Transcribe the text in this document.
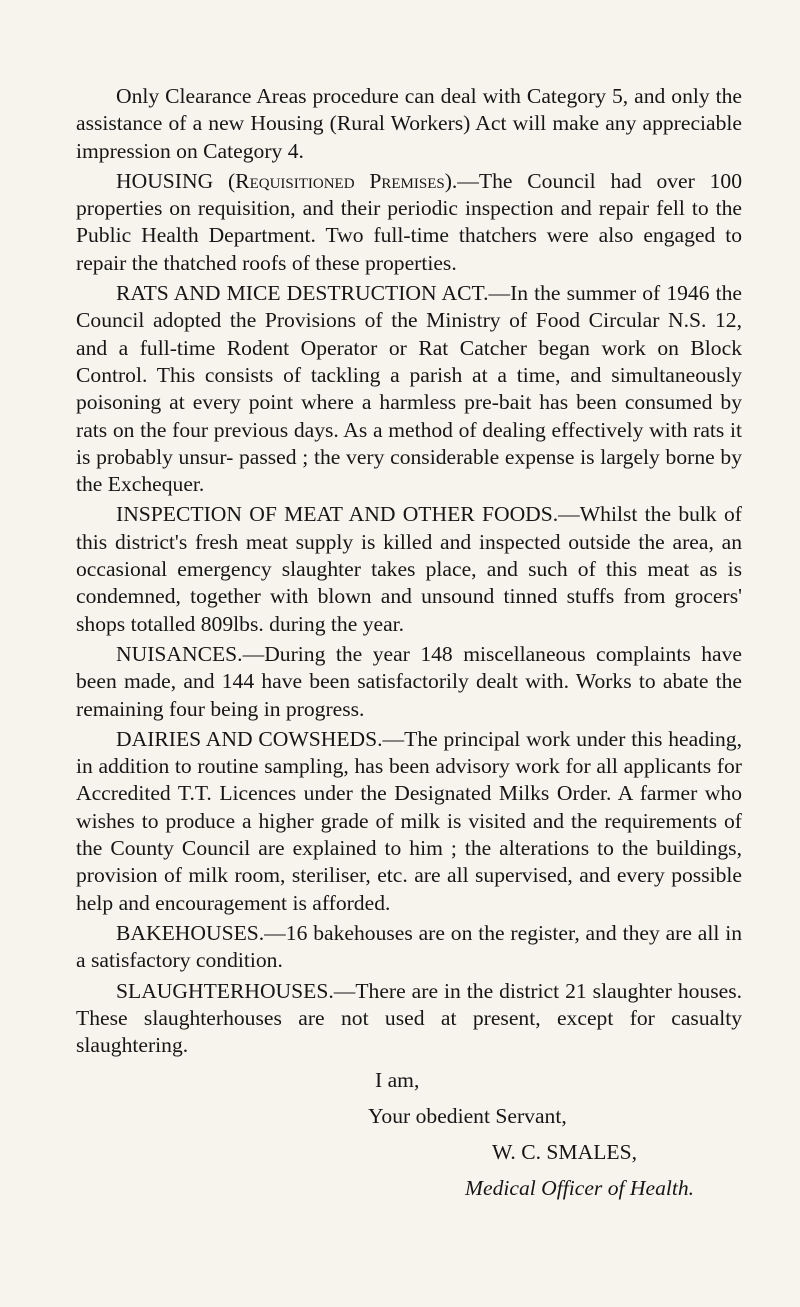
Only Clearance Areas procedure can deal with Category 5, and only the assistance of a new Housing (Rural Workers) Act will make any appreciable impression on Category 4.

HOUSING (Requisitioned Premises).—The Council had over 100 properties on requisition, and their periodic inspection and repair fell to the Public Health Department. Two full-time thatchers were also engaged to repair the thatched roofs of these properties.

RATS AND MICE DESTRUCTION ACT.—In the summer of 1946 the Council adopted the Provisions of the Ministry of Food Circular N.S. 12, and a full-time Rodent Operator or Rat Catcher began work on Block Control. This consists of tackling a parish at a time, and simultaneously poisoning at every point where a harmless pre-bait has been consumed by rats on the four previous days. As a method of dealing effectively with rats it is probably unsur- passed ; the very considerable expense is largely borne by the Exchequer.

INSPECTION OF MEAT AND OTHER FOODS.—Whilst the bulk of this district's fresh meat supply is killed and inspected outside the area, an occasional emergency slaughter takes place, and such of this meat as is condemned, together with blown and unsound tinned stuffs from grocers' shops totalled 809lbs. during the year.

NUISANCES.—During the year 148 miscellaneous complaints have been made, and 144 have been satisfactorily dealt with. Works to abate the remaining four being in progress.

DAIRIES AND COWSHEDS.—The principal work under this heading, in addition to routine sampling, has been advisory work for all applicants for Accredited T.T. Licences under the Designated Milks Order. A farmer who wishes to produce a higher grade of milk is visited and the requirements of the County Council are explained to him ; the alterations to the buildings, provision of milk room, steriliser, etc. are all supervised, and every possible help and encouragement is afforded.

BAKEHOUSES.—16 bakehouses are on the register, and they are all in a satisfactory condition.

SLAUGHTERHOUSES.—There are in the district 21 slaughter houses. These slaughterhouses are not used at present, except for casualty slaughtering.

I am,
Your obedient Servant,
W. C. SMALES,
Medical Officer of Health.
